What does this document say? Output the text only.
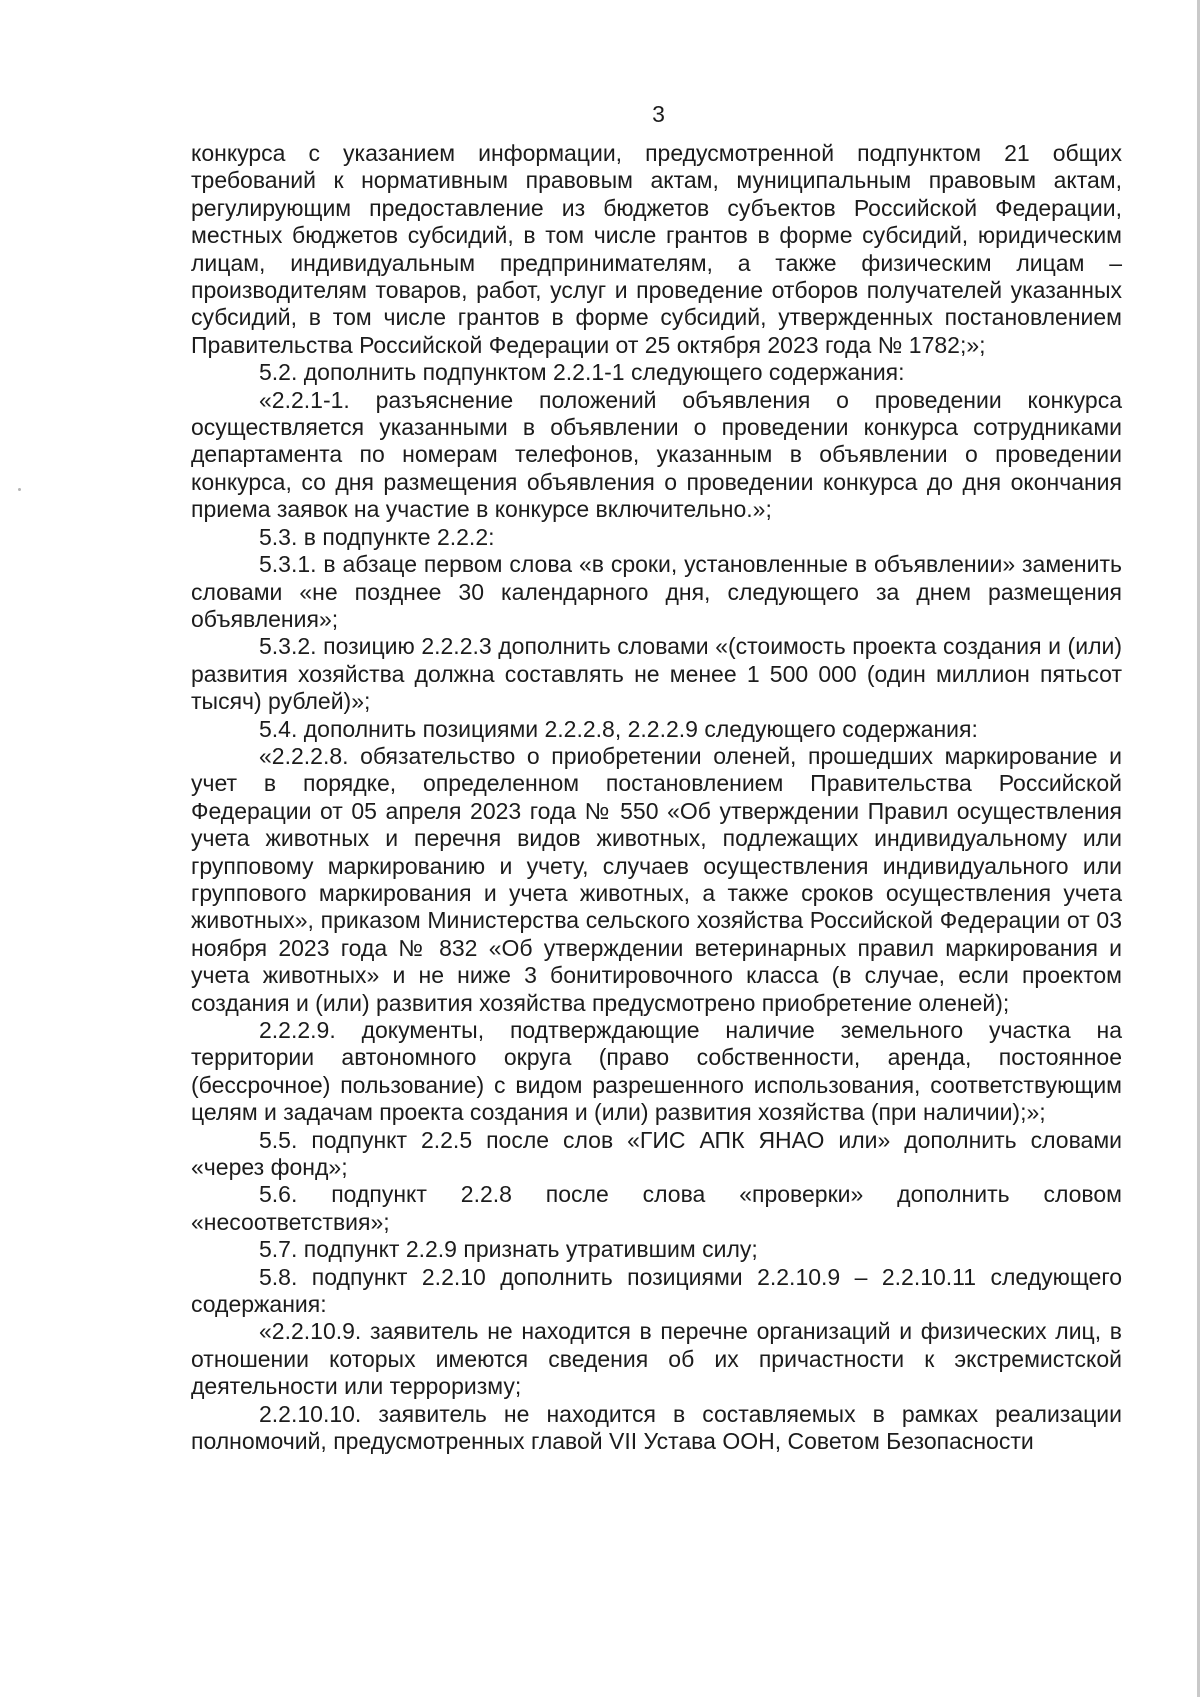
3

конкурса с указанием информации, предусмотренной подпунктом 21 общих требований к нормативным правовым актам, муниципальным правовым актам, регулирующим предоставление из бюджетов субъектов Российской Федерации, местных бюджетов субсидий, в том числе грантов в форме субсидий, юридическим лицам, индивидуальным предпринимателям, а также физическим лицам – производителям товаров, работ, услуг и проведение отборов получателей указанных субсидий, в том числе грантов в форме субсидий, утвержденных постановлением Правительства Российской Федерации от 25 октября 2023 года № 1782;»;

5.2. дополнить подпунктом 2.2.1-1 следующего содержания:

«2.2.1-1. разъяснение положений объявления о проведении конкурса осуществляется указанными в объявлении о проведении конкурса сотрудниками департамента по номерам телефонов, указанным в объявлении о проведении конкурса, со дня размещения объявления о проведении конкурса до дня окончания приема заявок на участие в конкурсе включительно.»;

5.3. в подпункте 2.2.2:

5.3.1. в абзаце первом слова «в сроки, установленные в объявлении» заменить словами «не позднее 30 календарного дня, следующего за днем размещения объявления»;

5.3.2. позицию 2.2.2.3 дополнить словами «(стоимость проекта создания и (или) развития хозяйства должна составлять не менее 1 500 000 (один миллион пятьсот тысяч) рублей)»;

5.4. дополнить позициями 2.2.2.8, 2.2.2.9 следующего содержания:

«2.2.2.8. обязательство о приобретении оленей, прошедших маркирование и учет в порядке, определенном постановлением Правительства Российской Федерации от 05 апреля 2023 года № 550 «Об утверждении Правил осуществления учета животных и перечня видов животных, подлежащих индивидуальному или групповому маркированию и учету, случаев осуществления индивидуального или группового маркирования и учета животных, а также сроков осуществления учета животных», приказом Министерства сельского хозяйства Российской Федерации от 03 ноября 2023 года № 832 «Об утверждении ветеринарных правил маркирования и учета животных» и не ниже 3 бонитировочного класса (в случае, если проектом создания и (или) развития хозяйства предусмотрено приобретение оленей);

2.2.2.9. документы, подтверждающие наличие земельного участка на территории автономного округа (право собственности, аренда, постоянное (бессрочное) пользование) с видом разрешенного использования, соответствующим целям и задачам проекта создания и (или) развития хозяйства (при наличии);»;

5.5. подпункт 2.2.5 после слов «ГИС АПК ЯНАО или» дополнить словами «через фонд»;

5.6. подпункт 2.2.8 после слова «проверки» дополнить словом «несоответствия»;

5.7. подпункт 2.2.9 признать утратившим силу;

5.8. подпункт 2.2.10 дополнить позициями 2.2.10.9 – 2.2.10.11 следующего содержания:

«2.2.10.9. заявитель не находится в перечне организаций и физических лиц, в отношении которых имеются сведения об их причастности к экстремистской деятельности или терроризму;

2.2.10.10. заявитель не находится в составляемых в рамках реализации полномочий, предусмотренных главой VII Устава ООН, Советом Безопасности
